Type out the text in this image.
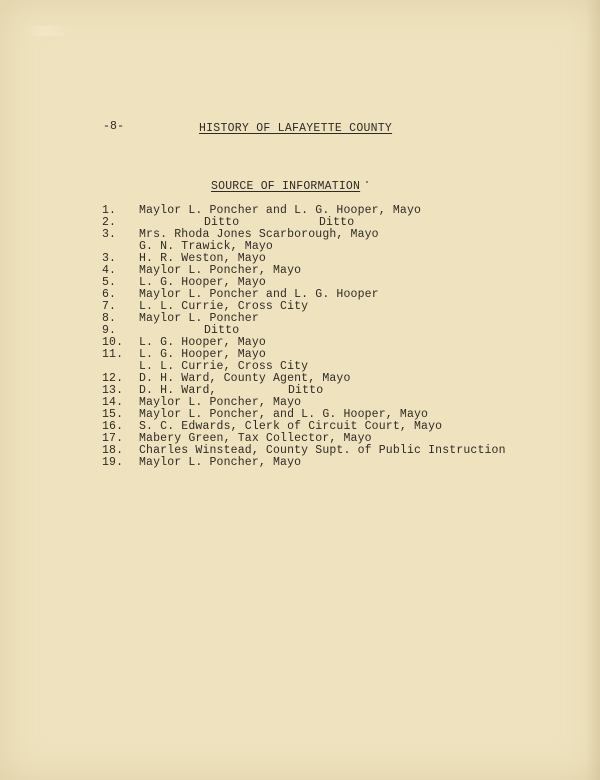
-8-	HISTORY OF LAFAYETTE COUNTY
SOURCE OF INFORMATION
1. Maylor L. Poncher and L. G. Hooper, Mayo
2.	Ditto	Ditto
3. Mrs. Rhoda Jones Scarborough, Mayo
G. N. Trawick, Mayo
3. H. R. Weston, Mayo
4. Maylor L. Poncher, Mayo
5. L. G. Hooper, Mayo
6. Maylor L. Poncher and L. G. Hooper
7. L. L. Currie, Cross City
8. Maylor L. Poncher
9.	Ditto
10. L. G. Hooper, Mayo
11. L. G. Hooper, Mayo
L. L. Currie, Cross City
12. D. H. Ward, County Agent, Mayo
13. D. H. Ward,	Ditto
14. Maylor L. Poncher, Mayo
15. Maylor L. Poncher, and L. G. Hooper, Mayo
16. S. C. Edwards, Clerk of Circuit Court, Mayo
17. Mabery Green, Tax Collector, Mayo
18. Charles Winstead, County Supt. of Public Instruction
19. Maylor L. Poncher, Mayo
